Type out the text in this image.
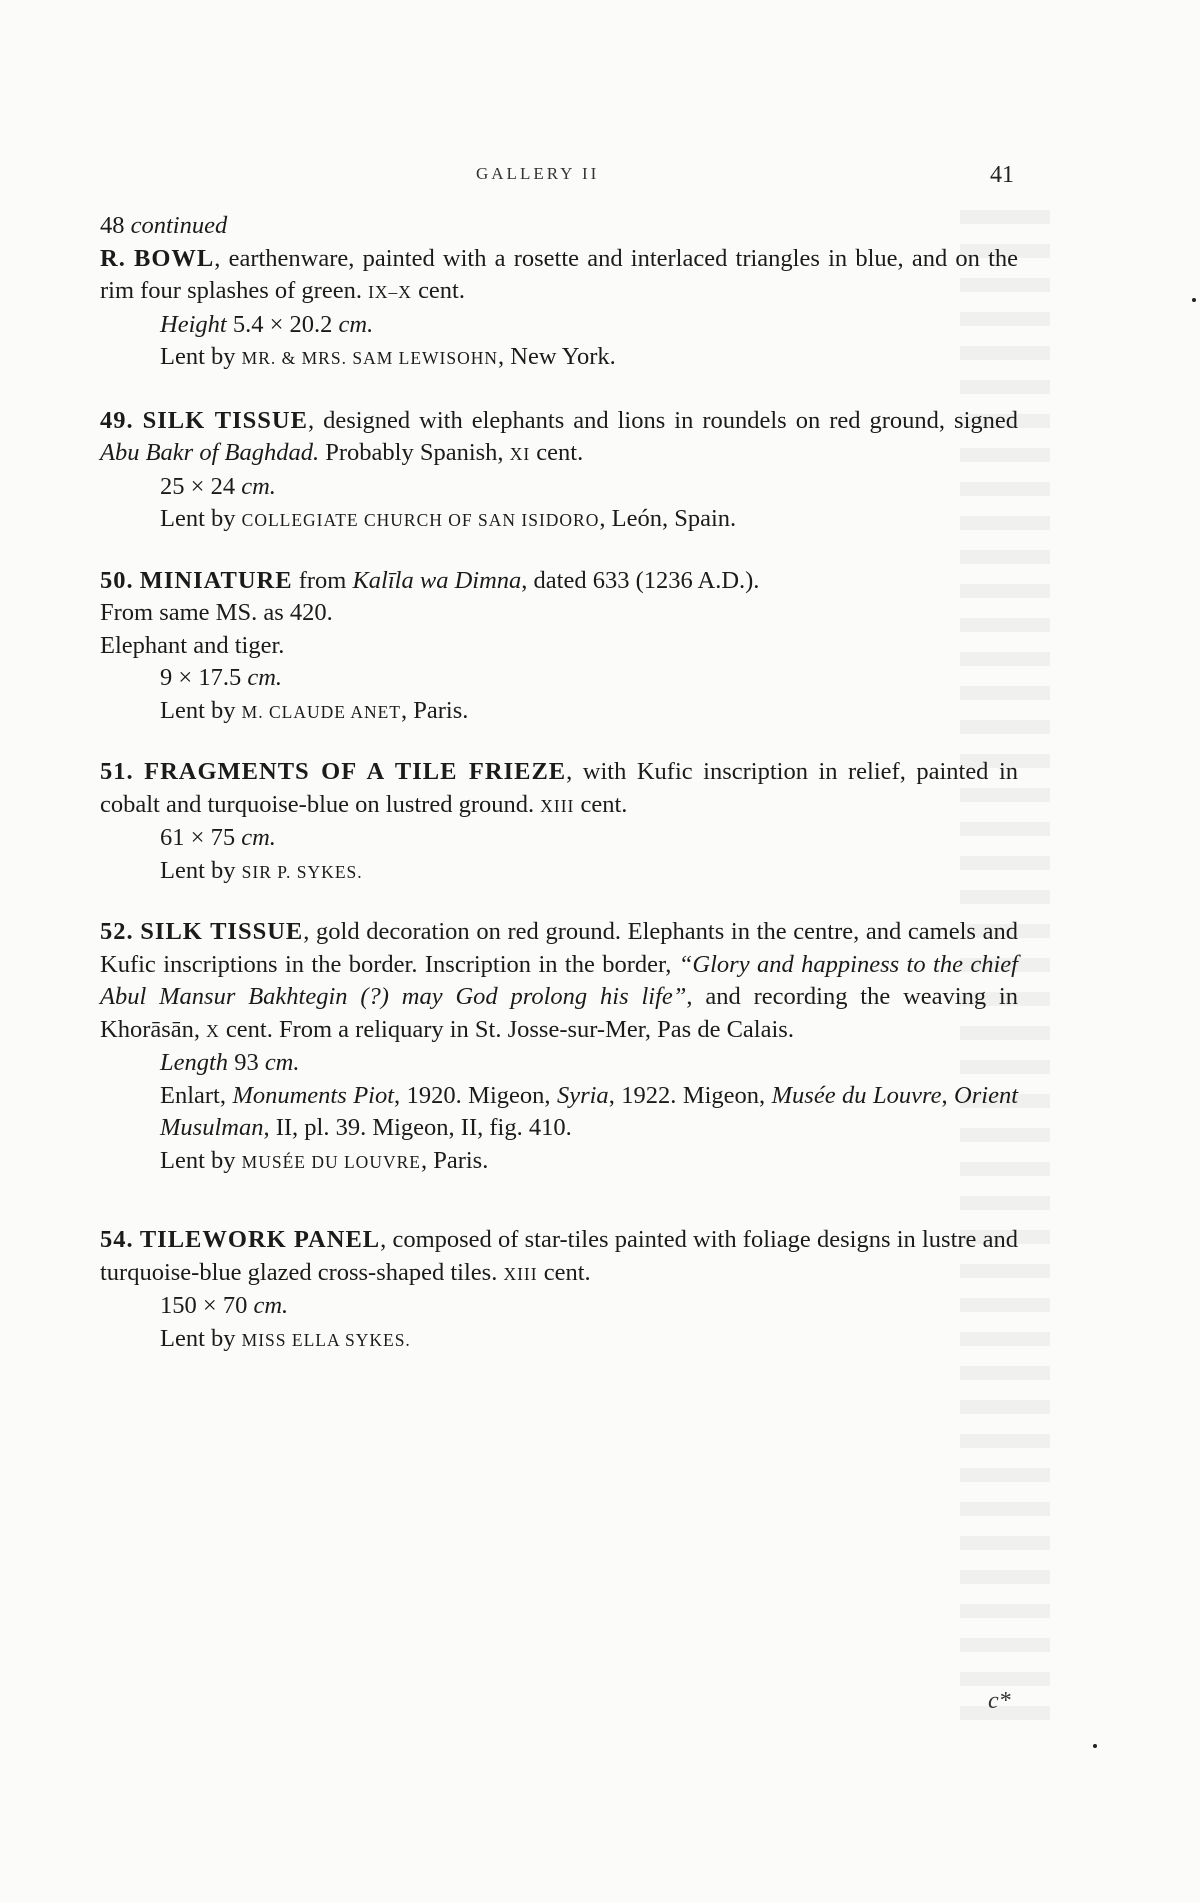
GALLERY II	41

48 continued

R. BOWL, earthenware, painted with a rosette and interlaced triangles in blue, and on the rim four splashes of green. IX–X cent.

Height 5.4 × 20.2 cm.

Lent by MR. & MRS. SAM LEWISOHN, New York.

49. SILK TISSUE, designed with elephants and lions in roundels on red ground, signed Abu Bakr of Baghdad. Probably Spanish, XI cent.

25 × 24 cm.

Lent by COLLEGIATE CHURCH OF SAN ISIDORO, León, Spain.

50. MINIATURE from Kalīla wa Dimna, dated 633 (1236 A.D.).

From same MS. as 420.

Elephant and tiger.

9 × 17.5 cm.

Lent by M. CLAUDE ANET, Paris.

51. FRAGMENTS OF A TILE FRIEZE, with Kufic inscription in relief, painted in cobalt and turquoise-blue on lustred ground. XIII cent.

61 × 75 cm.

Lent by SIR P. SYKES.

52. SILK TISSUE, gold decoration on red ground. Elephants in the centre, and camels and Kufic inscriptions in the border. Inscription in the border, “Glory and happiness to the chief Abul Mansur Bakhtegin (?) may God prolong his life”, and recording the weaving in Khorāsān, X cent. From a reliquary in St. Josse-sur-Mer, Pas de Calais.

Length 93 cm.

Enlart, Monuments Piot, 1920. Migeon, Syria, 1922. Migeon, Musée du Louvre, Orient Musulman, II, pl. 39. Migeon, II, fig. 410.

Lent by MUSÉE DU LOUVRE, Paris.

54. TILEWORK PANEL, composed of star-tiles painted with foliage designs in lustre and turquoise-blue glazed cross-shaped tiles. XIII cent.

150 × 70 cm.

Lent by MISS ELLA SYKES.

c*
